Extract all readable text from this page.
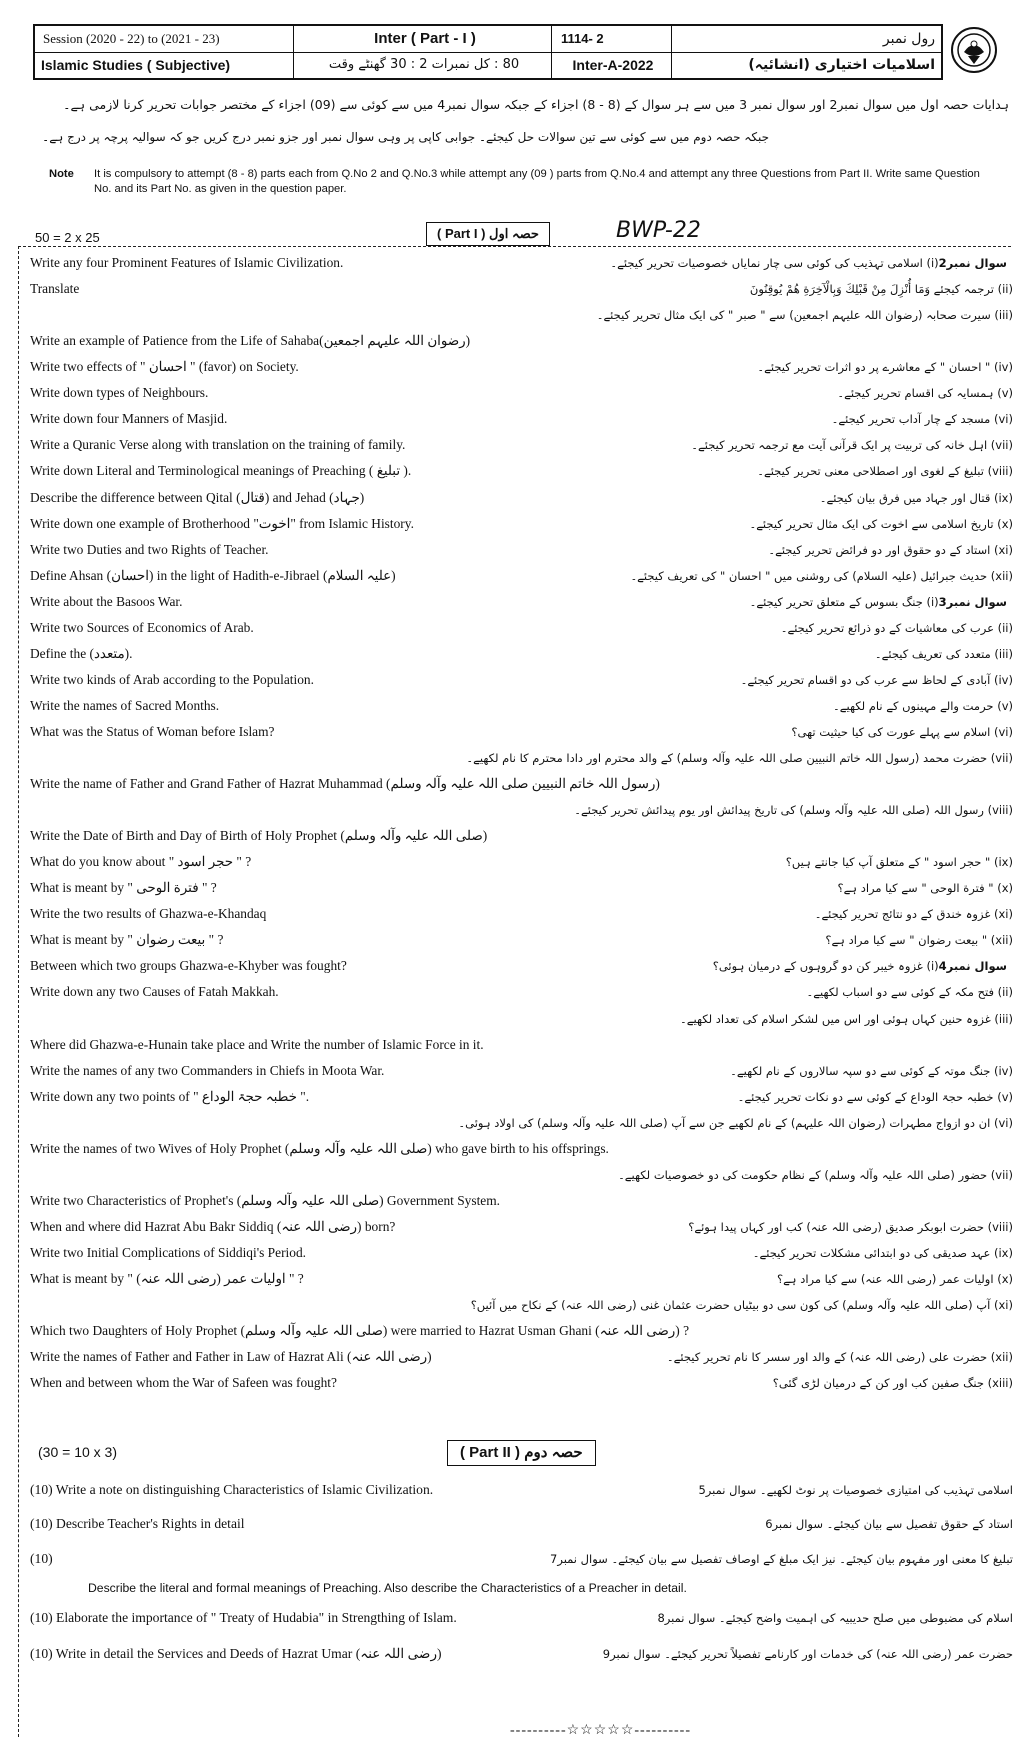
Session (2020 - 22) to (2021 - 23)	Inter ( Part - I )	1114- 2	رول نمبر
Islamic Studies ( Subjective)	80 : کل نمبرات 2 : 30 گھنٹے وقت	Inter-A-2022	اسلامیات اختیاری (انشائیہ)
ہدایات حصہ اول میں سوال نمبر2 اور سوال نمبر 3 میں سے ہر سوال کے (8 - 8) اجزاء کے جبکہ سوال نمبر4 میں سے کوئی سے (09) اجزاء کے مختصر جوابات تحریر کرنا لازمی ہے۔
جبکہ حصہ دوم میں سے کوئی سے تین سوالات حل کیجئے۔ جوابی کاپی پر وہی سوال نمبر اور جزو نمبر درج کریں جو کہ سوالیہ پرچہ پر درج ہے۔
Note It is compulsory to attempt (8 - 8) parts each from Q.No 2 and Q.No.3 while attempt any (09 ) parts from Q.No.4 and attempt any three Questions from Part II. Write same Question No. and its Part No. as given in the question paper.
50 = 2 x 25	( Part I ) حصہ اول	BWP-22
Write any four Prominent Features of Islamic Civilization.	سوال نمبر2(i) اسلامی تہذیب کی کوئی سی چار نمایاں خصوصیات تحریر کیجئے۔
Translate	(ii) ترجمہ کیجئے وَمَا أُنْزِلَ مِنْ قَبْلِكَ وَبِالْآخِرَةِ هُمْ يُوقِنُونَ
(iii) سیرت صحابہ (رضوان اللہ علیہم اجمعین) سے " صبر " کی ایک مثال تحریر کیجئے۔
Write an example of Patience from the Life of Sahaba(رضوان اللہ علیہم اجمعین)
Write two effects of " احسان " (favor) on Society.	(iv) " احسان " کے معاشرے پر دو اثرات تحریر کیجئے۔
Write down types of Neighbours.	(v) ہمسایہ کی اقسام تحریر کیجئے۔
Write down four Manners of Masjid.	(vi) مسجد کے چار آداب تحریر کیجئے۔
Write a Quranic Verse along with translation on the training of family.	(vii) اہل خانہ کی تربیت پر ایک قرآنی آیت مع ترجمہ تحریر کیجئے۔
Write down Literal and Terminological meanings of Preaching ( تبلیغ ).	(viii) تبلیغ کے لغوی اور اصطلاحی معنی تحریر کیجئے۔
Describe the difference between Qital (قتال) and Jehad (جہاد)	(ix) قتال اور جہاد میں فرق بیان کیجئے۔
Write down one example of Brotherhood "اخوت" from Islamic History.	(x) تاریخ اسلامی سے اخوت کی ایک مثال تحریر کیجئے۔
Write two Duties and two Rights of Teacher.	(xi) استاد کے دو حقوق اور دو فرائض تحریر کیجئے۔
Define Ahsan (احسان) in the light of Hadith-e-Jibrael (علیہ السلام)	(xii) حدیث جبرائیل (علیہ السلام) کی روشنی میں " احسان " کی تعریف کیجئے۔
Write about the Basoos War.	سوال نمبر3(i) جنگ بسوس کے متعلق تحریر کیجئے۔
Write two Sources of Economics of Arab.	(ii) عرب کی معاشیات کے دو ذرائع تحریر کیجئے۔
Define the (متعدد).	(iii) متعدد کی تعریف کیجئے۔
Write two kinds of Arab according to the Population.	(iv) آبادی کے لحاظ سے عرب کی دو اقسام تحریر کیجئے۔
Write the names of Sacred Months.	(v) حرمت والے مہینوں کے نام لکھیے۔
What was the Status of Woman before Islam?	(vi) اسلام سے پہلے عورت کی کیا حیثیت تھی؟
(vii) حضرت محمد (رسول اللہ خاتم النبیین صلی اللہ علیہ وآلہ وسلم) کے والد محترم اور دادا محترم کا نام لکھیے۔
Write the name of Father and Grand Father of Hazrat Muhammad (رسول اللہ خاتم النبیین صلی اللہ علیہ وآلہ وسلم)
(viii) رسول اللہ (صلی اللہ علیہ وآلہ وسلم) کی تاریخ پیدائش اور یوم پیدائش تحریر کیجئے۔
Write the Date of Birth and Day of Birth of Holy Prophet (صلی اللہ علیہ وآلہ وسلم)
What do you know about " حجر اسود " ?	(ix) " حجر اسود " کے متعلق آپ کیا جانتے ہیں؟
What is meant by " فترة الوحی " ?	(x) " فترة الوحی " سے کیا مراد ہے؟
Write the two results of Ghazwa-e-Khandaq	(xi) غزوہ خندق کے دو نتائج تحریر کیجئے۔
What is meant by " بیعت رضوان " ?	(xii) " بیعت رضوان " سے کیا مراد ہے؟
Between which two groups Ghazwa-e-Khyber was fought?	سوال نمبر4(i) غزوہ خیبر کن دو گروہوں کے درمیان ہوئی؟
Write down any two Causes of Fatah Makkah.	(ii) فتح مکہ کے کوئی سے دو اسباب لکھیے۔
(iii) غزوہ حنین کہاں ہوئی اور اس میں لشکر اسلام کی تعداد لکھیے۔
Where did Ghazwa-e-Hunain take place and Write the number of Islamic Force in it.
Write the names of any two Commanders in Chiefs in Moota War.	(iv) جنگ موتہ کے کوئی سے دو سپہ سالاروں کے نام لکھیے۔
Write down any two points of " خطبہ حجۃ الوداع ".	(v) خطبہ حجۃ الوداع کے کوئی سے دو نکات تحریر کیجئے۔
(vi) ان دو ازواج مطہرات (رضوان اللہ علیہم) کے نام لکھیے جن سے آپ (صلی اللہ علیہ وآلہ وسلم) کی اولاد ہوئی۔
Write the names of two Wives of Holy Prophet (صلی اللہ علیہ وآلہ وسلم) who gave birth to his offsprings.
(vii) حضور (صلی اللہ علیہ وآلہ وسلم) کے نظام حکومت کی دو خصوصیات لکھیے۔
Write two Characteristics of Prophet's (صلی اللہ علیہ وآلہ وسلم) Government System.
When and where did Hazrat Abu Bakr Siddiq (رضی اللہ عنہ) born?	(viii) حضرت ابوبکر صدیق (رضی اللہ عنہ) کب اور کہاں پیدا ہوئے؟
Write two Initial Complications of Siddiqi's Period.	(ix) عہد صدیقی کی دو ابتدائی مشکلات تحریر کیجئے۔
What is meant by " اولیات عمر (رضی اللہ عنہ) " ?	(x) اولیات عمر (رضی اللہ عنہ) سے کیا مراد ہے؟
(xi) آپ (صلی اللہ علیہ وآلہ وسلم) کی کون سی دو بیٹیاں حضرت عثمان غنی (رضی اللہ عنہ) کے نکاح میں آئیں؟
Which two Daughters of Holy Prophet (صلی اللہ علیہ وآلہ وسلم) were married to Hazrat Usman Ghani (رضی اللہ عنہ) ?
Write the names of Father and Father in Law of Hazrat Ali (رضی اللہ عنہ)	(xii) حضرت علی (رضی اللہ عنہ) کے والد اور سسر کا نام تحریر کیجئے۔
When and between whom the War of Safeen was fought?	(xiii) جنگ صفین کب اور کن کے درمیان لڑی گئی؟
(30 = 10 x 3)	( Part II ) حصہ دوم
(10) Write a note on distinguishing Characteristics of Islamic Civilization.	اسلامی تہذیب کی امتیازی خصوصیات پر نوٹ لکھیے۔ سوال نمبر5
(10) Describe Teacher's Rights in detail	استاد کے حقوق تفصیل سے بیان کیجئے۔ سوال نمبر6
(10)	تبلیغ کا معنی اور مفہوم بیان کیجئے۔ نیز ایک مبلغ کے اوصاف تفصیل سے بیان کیجئے۔ سوال نمبر7
Describe the literal and formal meanings of Preaching. Also describe the Characteristics of a Preacher in detail.
(10) Elaborate the importance of " Treaty of Hudabia" in Strengthing of Islam.	اسلام کی مضبوطی میں صلح حدیبیہ کی اہمیت واضح کیجئے۔ سوال نمبر8
(10) Write in detail the Services and Deeds of Hazrat Umar (رضی اللہ عنہ)	حضرت عمر (رضی اللہ عنہ) کی خدمات اور کارنامے تفصیلاً تحریر کیجئے۔ سوال نمبر9
----------☆☆☆☆☆----------
